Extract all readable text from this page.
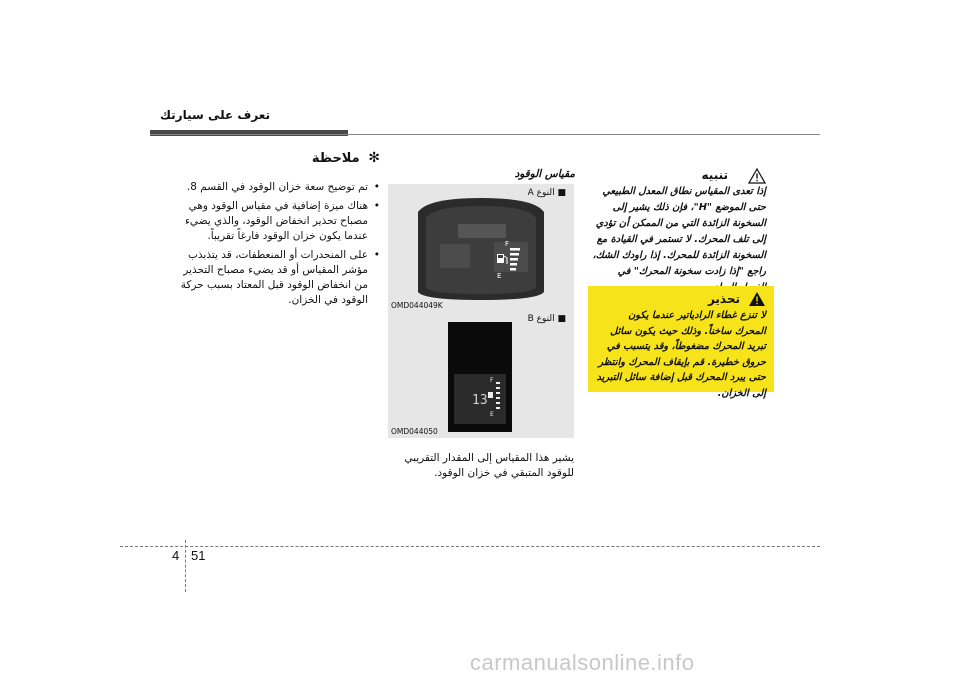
تعرف على سيارتك
✻ ملاحظة
• تم توضيح سعة خزان الوقود في القسم 8.
• هناك ميزة إضافية في مقياس الوقود وهي مصباح تحذير انخفاض الوقود، والذي يضيء عندما يكون خزان الوقود فارغاً تقريباً.
• على المنحدرات أو المنعطفات، قد يتذبذب مؤشر المقياس أو قد يضيء مصباح التحذير من انخفاض الوقود قبل المعتاد بسبب حركة الوقود في الخزان.
مقياس الوقود
■ النوع A
F
E
OMD044049K
■ النوع B
13
F
E
OMD044050
يشير هذا المقياس إلى المقدار التقريبي للوقود المتبقي في خزان الوقود.
تنبيه
إذا تعدى المقياس نطاق المعدل الطبيعي حتى الموضع "H"، فإن ذلك يشير إلى السخونة الزائدة التي من الممكن أن تؤدي إلى تلف المحرك. لا تستمر في القيادة مع السخونة الزائدة للمحرك. إذا راودك الشك، راجع "إذا زادت سخونة المحرك" في
تحذير
لا تنزع غطاء الرادياتير عندما يكون المحرك ساخناً. وذلك حيث يكون سائل تبريد المحرك مضغوطاً، وقد يتسبب في حروق خطيرة. قم بإيقاف المحرك وانتظر حتى يبرد المحرك قبل إضافة سائل التبريد إلى الخزان.
4 51
carmanualsonline.info
